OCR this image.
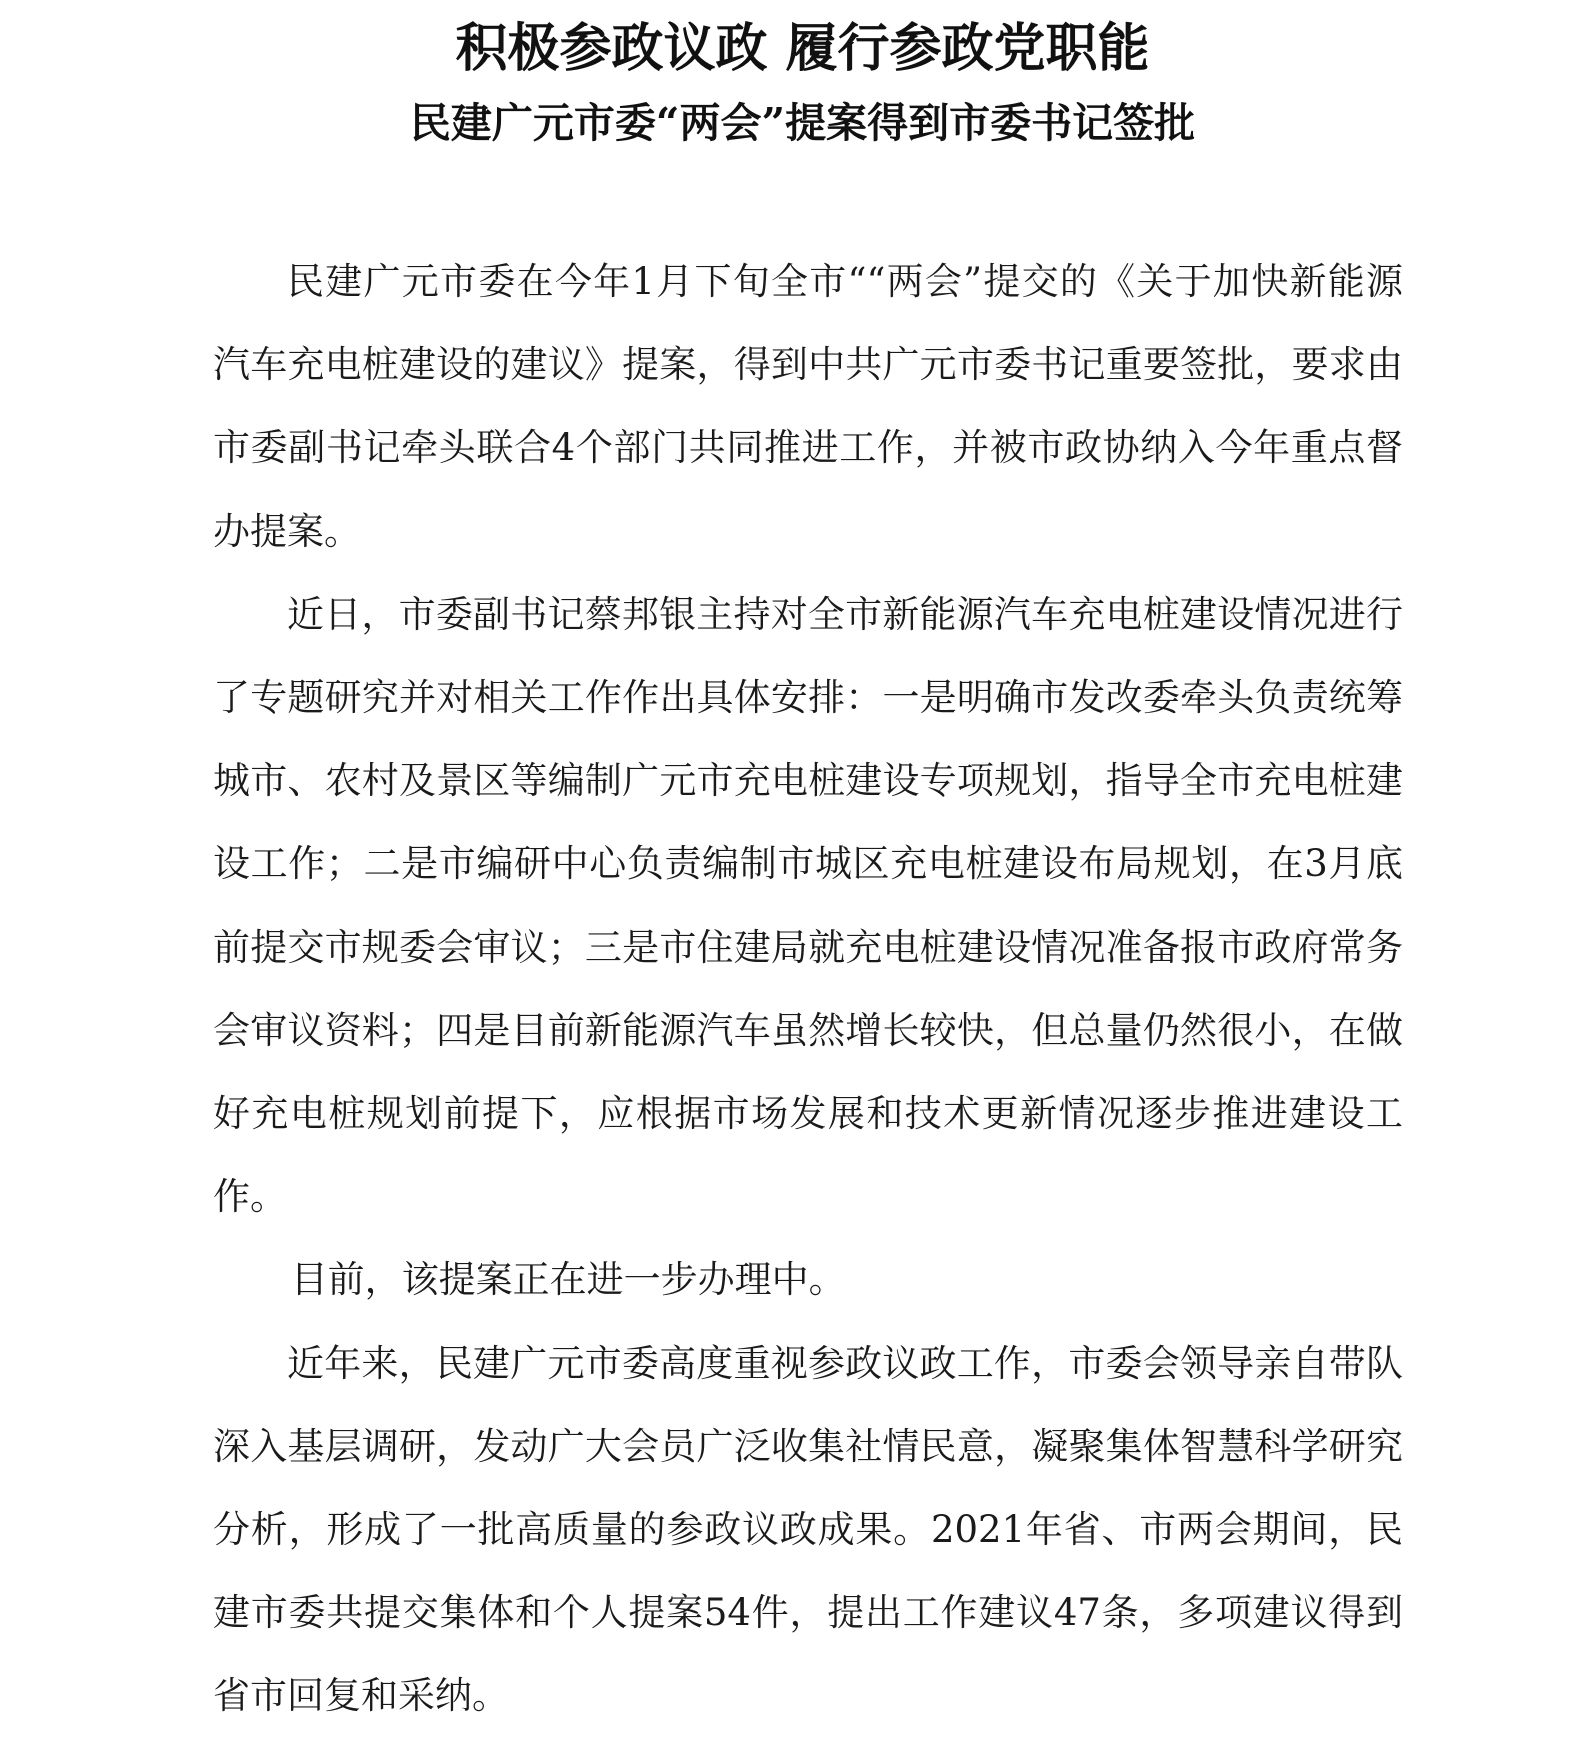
积极参政议政 履行参政党职能
民建广元市委“两会”提案得到市委书记签批

民建广元市委在今年1月下旬全市““两会”提交的《关于加快新能源汽车充电桩建设的建议》提案，得到中共广元市委书记重要签批，要求由市委副书记牵头联合4个部门共同推进工作，并被市政协纳入今年重点督办提案。

近日，市委副书记蔡邦银主持对全市新能源汽车充电桩建设情况进行了专题研究并对相关工作作出具体安排：一是明确市发改委牵头负责统筹城市、农村及景区等编制广元市充电桩建设专项规划，指导全市充电桩建设工作；二是市编研中心负责编制市城区充电桩建设布局规划，在3月底前提交市规委会审议；三是市住建局就充电桩建设情况准备报市政府常务会审议资料；四是目前新能源汽车虽然增长较快，但总量仍然很小，在做好充电桩规划前提下，应根据市场发展和技术更新情况逐步推进建设工作。

目前，该提案正在进一步办理中。

近年来，民建广元市委高度重视参政议政工作，市委会领导亲自带队深入基层调研，发动广大会员广泛收集社情民意，凝聚集体智慧科学研究分析，形成了一批高质量的参政议政成果。2021年省、市两会期间，民建市委共提交集体和个人提案54件，提出工作建议47条，多项建议得到省市回复和采纳。
